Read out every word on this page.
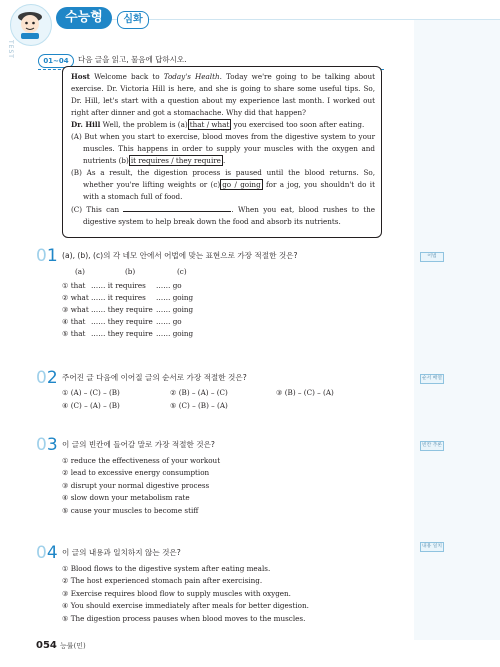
수능형	심화
TEST
01~04	다음 글을 읽고, 물음에 답하시오.

Host Welcome back to Today's Health. Today we're going to be talking about exercise. Dr. Victoria Hill is here, and she is going to share some useful tips. So, Dr. Hill, let's start with a question about my experience last month. I worked out right after dinner and got a stomachache. Why did that happen?

Dr. Hill Well, the problem is (a) that / what you exercised too soon after eating.

(A) But when you start to exercise, blood moves from the digestive system to your muscles. This happens in order to supply your muscles with the oxygen and nutrients (b) it requires / they require .

(B) As a result, the digestion process is paused until the blood returns. So, whether you're lifting weights or (c) go / going for a jog, you shouldn't do it with a stomach full of food.

(C) This can	. When you eat, blood rushes to the digestive system to help break down the food and absorb its nutrients.

01 (a), (b), (c)의 각 네모 안에서 어법에 맞는 표현으로 가장 적절한 것은?	어법
(a)	(b)	(c)
① that …… it requires …… go
② what …… it requires …… going
③ what …… they require …… going
④ that …… they require …… go
⑤ that …… they require …… going
02 주어진 글 다음에 이어질 글의 순서로 가장 적절한 것은?	순서 배열
① (A) – (C) – (B)	② (B) – (A) – (C)	③ (B) – (C) – (A)
④ (C) – (A) – (B)	⑤ (C) – (B) – (A)
03 이 글의 빈칸에 들어갈 말로 가장 적절한 것은?	빈칸 추론
① reduce the effectiveness of your workout
② lead to excessive energy consumption
③ disrupt your normal digestive process
④ slow down your metabolism rate
⑤ cause your muscles to become stiff
04 이 글의 내용과 일치하지 않는 것은?
내용 일치
① Blood flows to the digestive system after eating meals.
② The host experienced stomach pain after exercising.
③ Exercise requires blood flow to supply muscles with oxygen.
④ You should exercise immediately after meals for better digestion.
⑤ The digestion process pauses when blood moves to the muscles.
054 능률(민)
